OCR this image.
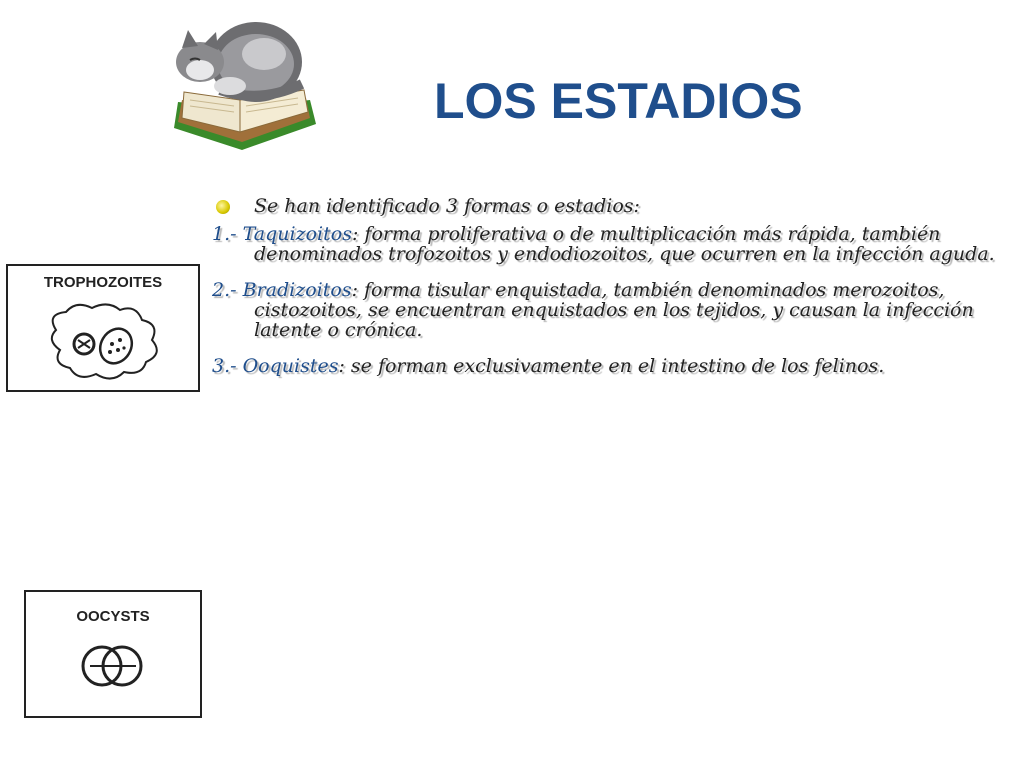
LOS ESTADIOS
TROPHOZOITES
OOCYSTS
Se han identificado 3 formas o estadios:
1.- Taquizoitos: forma proliferativa o de multiplicación más rápida, también denominados trofozoitos y endodiozoitos, que ocurren en la infección aguda.
2.- Bradizoitos: forma tisular enquistada, también denominados merozoitos, cistozoitos, se encuentran enquistados en los tejidos, y causan la infección latente o crónica.
3.- Ooquistes: se forman exclusivamente en el intestino de los felinos.
